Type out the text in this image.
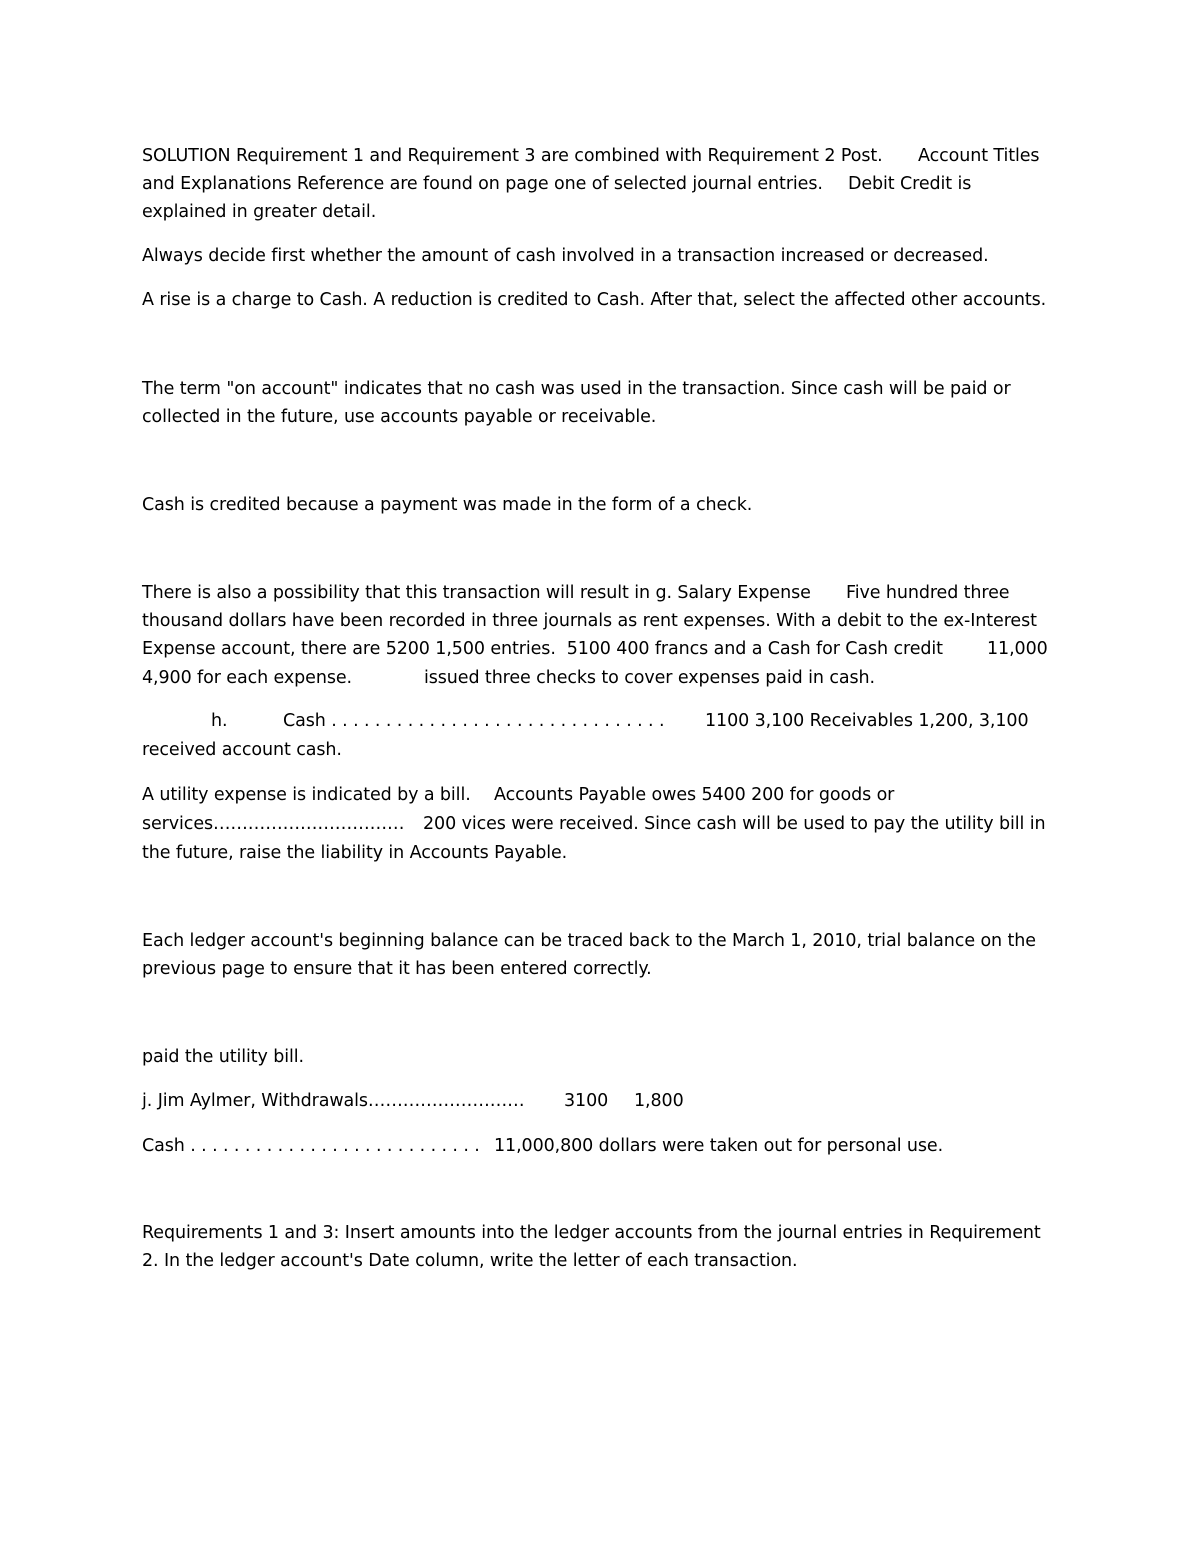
SOLUTION Requirement 1 and Requirement 3 are combined with Requirement 2 Post.

Account Titles

and Explanations Reference are found on page one of selected journal entries.

Debit Credit is

explained in greater detail.

Always decide first whether the amount of cash involved in a transaction increased or decreased.
A rise is a charge to Cash. A reduction is credited to Cash. After that, select the affected other accounts.
The term "on account" indicates that no cash was used in the transaction. Since cash will be paid or
collected in the future, use accounts payable or receivable.
Cash is credited because a payment was made in the form of a check.

There is also a possibility that this transaction will result in g. Salary Expense

Five hundred three

thousand dollars have been recorded in three journals as rent expenses. With a debit to the ex-Interest

Expense account, there are 5200 1,500 entries.  5100 400 francs and a Cash for Cash credit

	11,000

4,900 for each expense.

	issued three checks to cover expenses paid in cash.

h.

	Cash . . . . . . . . . . . . . . . . . . . . . . . . . . . . . . .

1100 3,100 Receivables 1,200, 3,100

received account cash.

A utility expense is indicated by a bill.

Accounts Payable owes 5400 200 for goods or

services……………………………

200 vices were received. Since cash will be used to pay the utility bill in

the future, raise the liability in Accounts Payable.
Each ledger account's beginning balance can be traced back to the March 1, 2010, trial balance on the
previous page to ensure that it has been entered correctly.
paid the utility bill.

j. Jim Aylmer, Withdrawals………………………

3100

1,800

Cash . . . . . . . . . . . . . . . . . . . . . . . . . . .

11,000,800 dollars were taken out for personal use.

Requirements 1 and 3: Insert amounts into the ledger accounts from the journal entries in Requirement
2. In the ledger account's Date column, write the letter of each transaction.
